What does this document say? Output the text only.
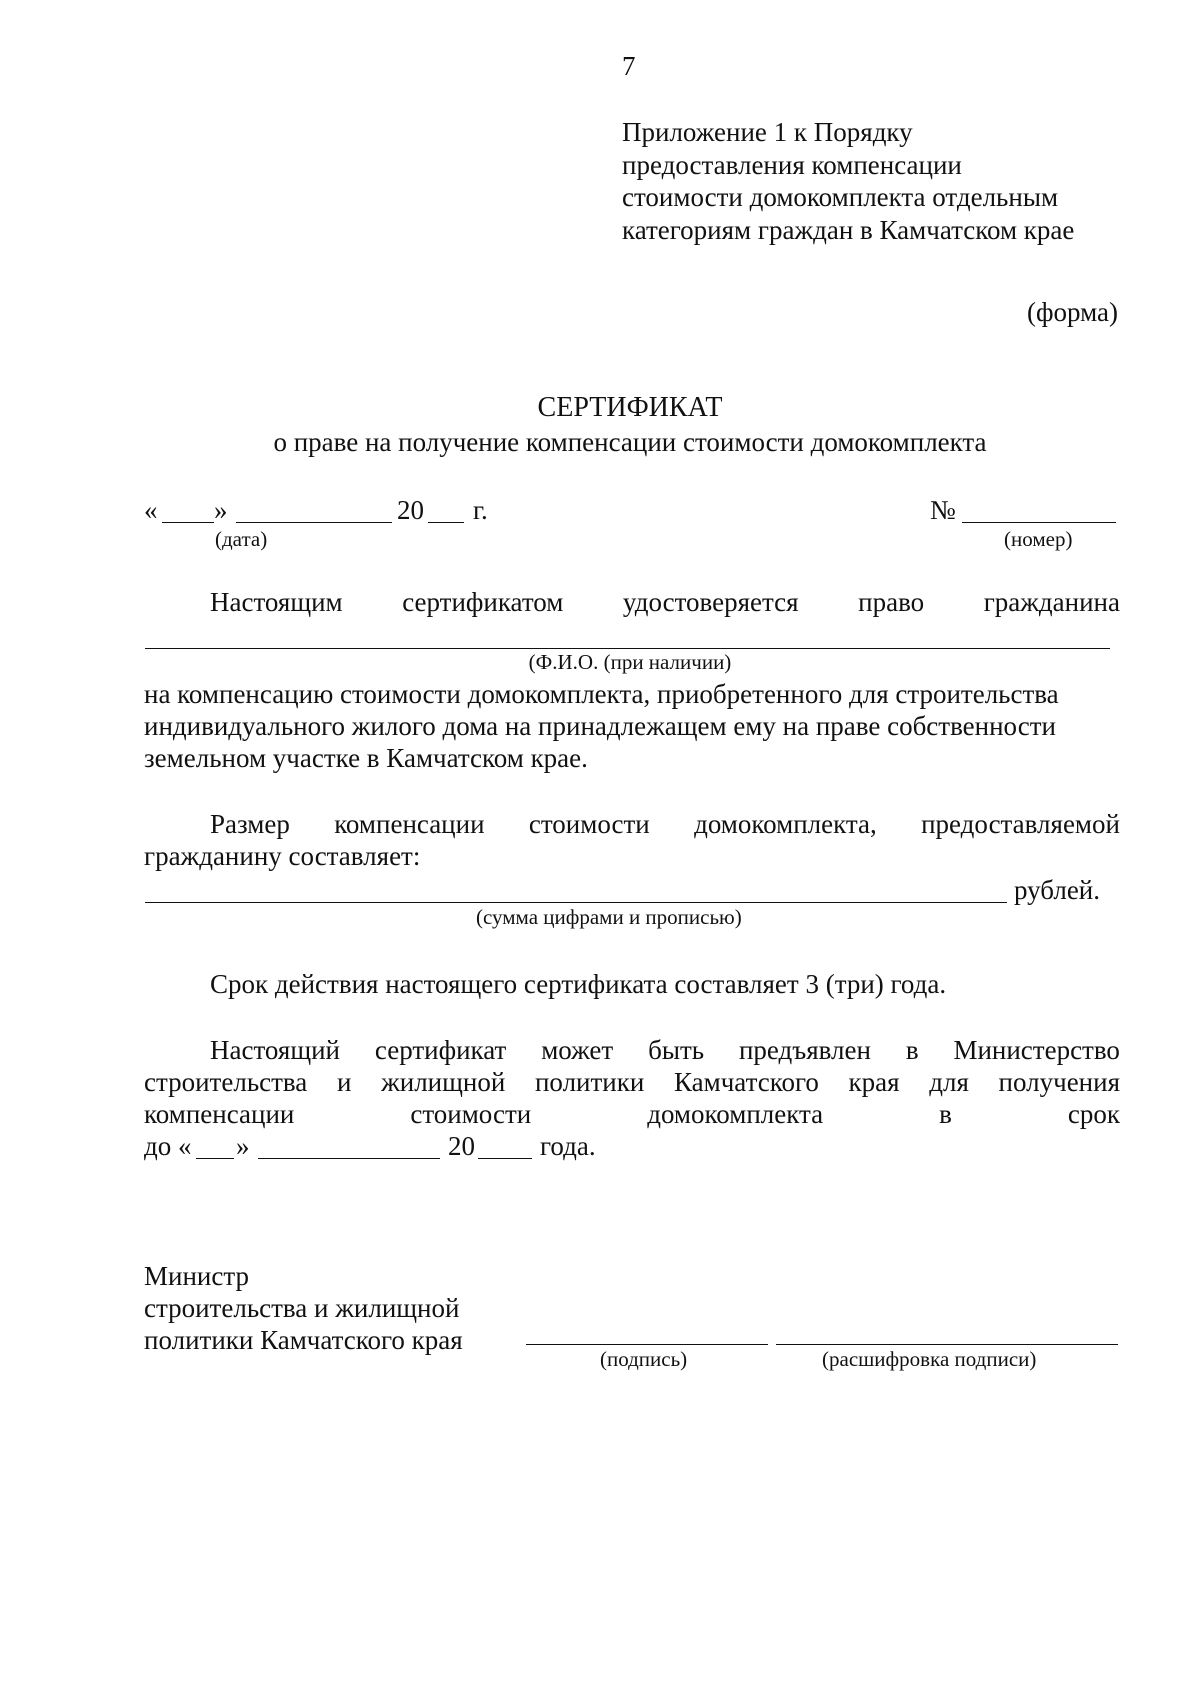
7
Приложение 1 к Порядку
предоставления компенсации
стоимости домокомплекта отдельным
категориям граждан в Камчатском крае
(форма)
СЕРТИФИКАТ
о праве на получение компенсации стоимости домокомплекта
« »	20 г.
(дата)
№
(номер)
Настоящим сертификатом удостоверяется право гражданина
(Ф.И.О. (при наличии)
на компенсацию стоимости домокомплекта, приобретенного для строительства
индивидуального жилого дома на принадлежащем ему на праве собственности
земельном участке в Камчатском крае.
Размер компенсации стоимости домокомплекта, предоставляемой
гражданину составляет:
рублей.
(сумма цифрами и прописью)
Срок действия настоящего сертификата составляет 3 (три) года.
Настоящий сертификат может быть предъявлен в Министерство
строительства и жилищной политики Камчатского края для получения
компенсации	стоимости	домокомплекта	в	срок
до « »	20 года.
Министр
строительства и жилищной
политики Камчатского края
(подпись)	(расшифровка подписи)
